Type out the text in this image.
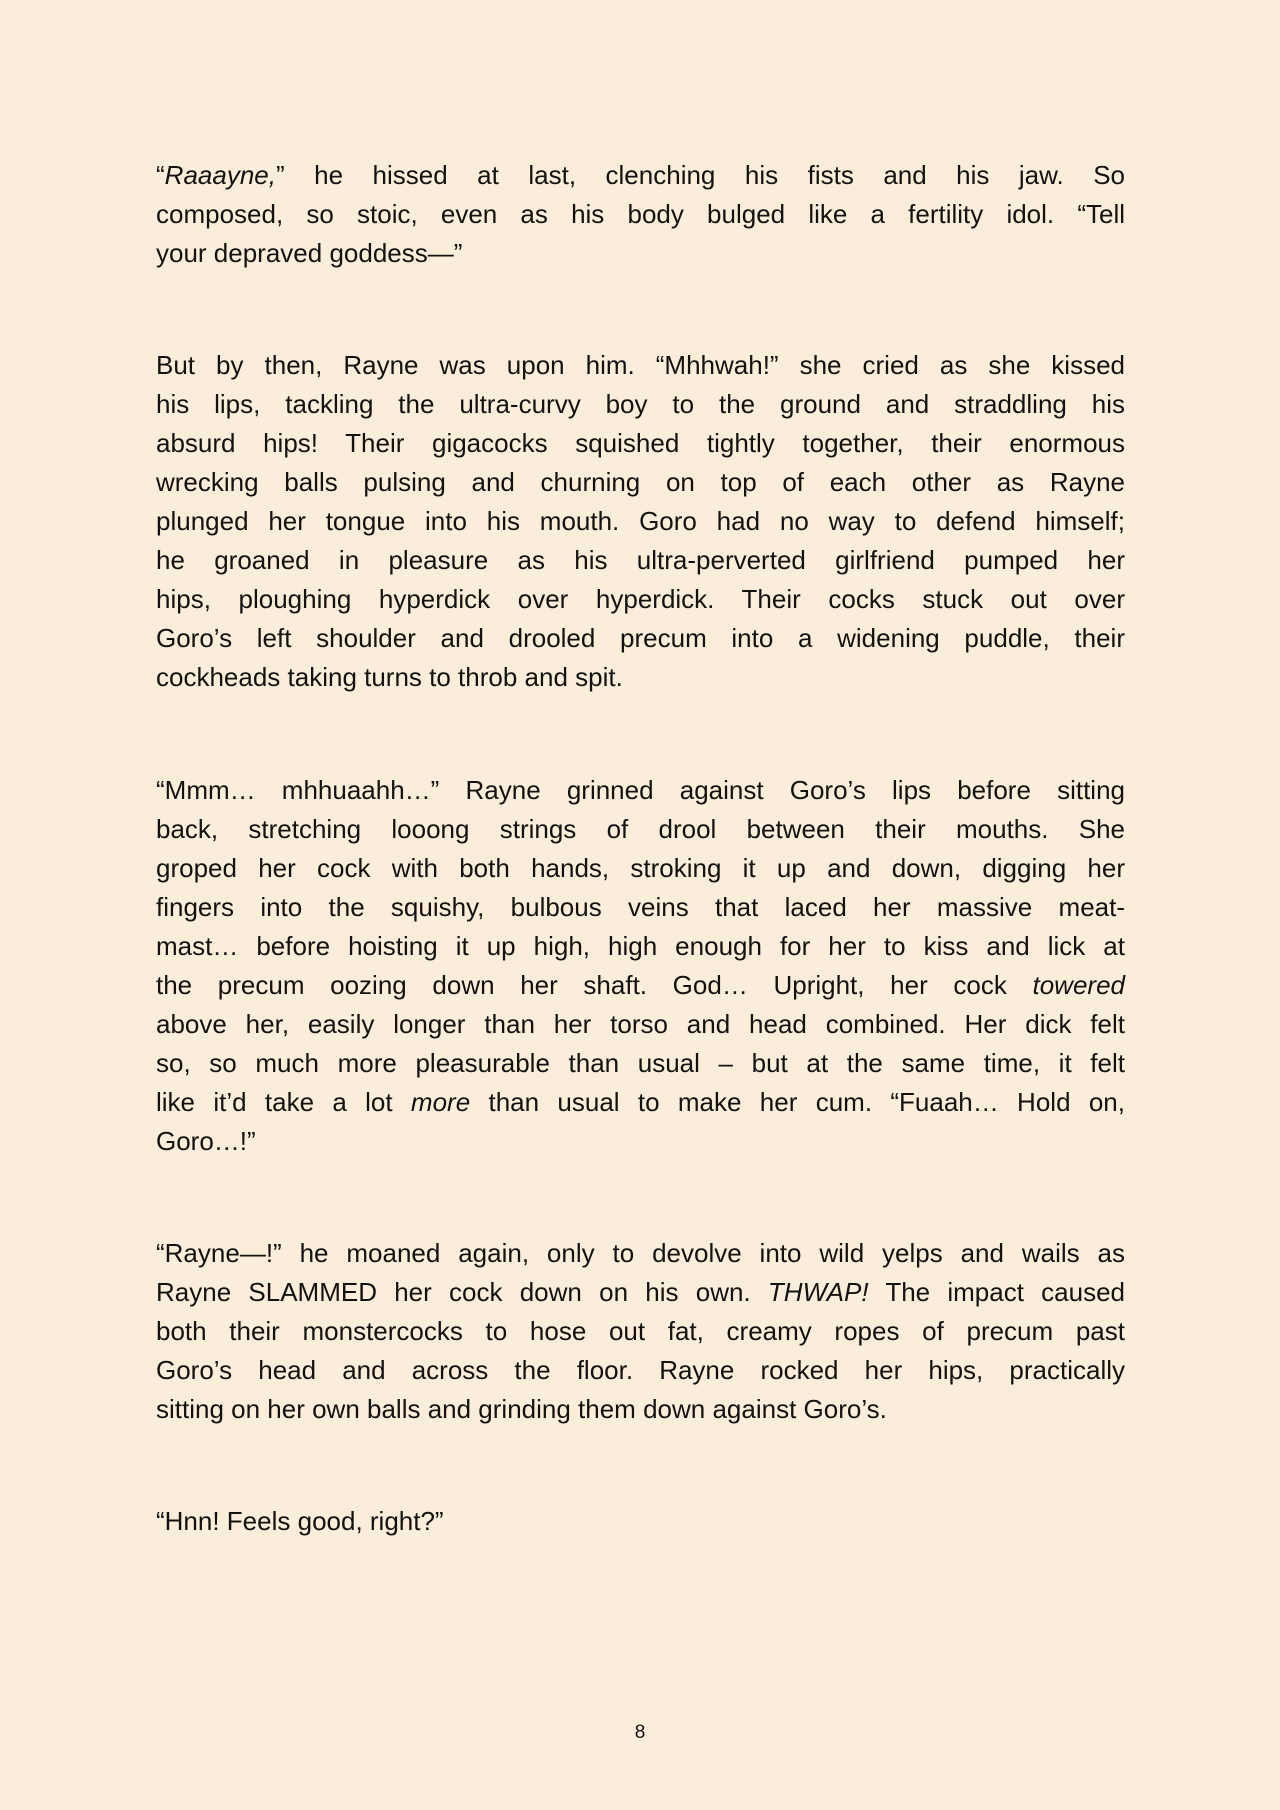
“Raaayne,” he hissed at last, clenching his fists and his jaw. So
composed, so stoic, even as his body bulged like a fertility idol. “Tell
your depraved goddess—”
But by then, Rayne was upon him. “Mhhwah!” she cried as she kissed
his lips, tackling the ultra-curvy boy to the ground and straddling his
absurd hips! Their gigacocks squished tightly together, their enormous
wrecking balls pulsing and churning on top of each other as Rayne
plunged her tongue into his mouth. Goro had no way to defend himself;
he groaned in pleasure as his ultra-perverted girlfriend pumped her
hips, ploughing hyperdick over hyperdick. Their cocks stuck out over
Goro’s left shoulder and drooled precum into a widening puddle, their
cockheads taking turns to throb and spit.
“Mmm… mhhuaahh…” Rayne grinned against Goro’s lips before sitting
back, stretching looong strings of drool between their mouths. She
groped her cock with both hands, stroking it up and down, digging her
fingers into the squishy, bulbous veins that laced her massive meat-
mast… before hoisting it up high, high enough for her to kiss and lick at
the precum oozing down her shaft. God… Upright, her cock towered
above her, easily longer than her torso and head combined. Her dick felt
so, so much more pleasurable than usual – but at the same time, it felt
like it’d take a lot more than usual to make her cum. “Fuaah… Hold on,
Goro…!”
“Rayne—!” he moaned again, only to devolve into wild yelps and wails as
Rayne SLAMMED her cock down on his own. THWAP! The impact caused
both their monstercocks to hose out fat, creamy ropes of precum past
Goro’s head and across the floor. Rayne rocked her hips, practically
sitting on her own balls and grinding them down against Goro’s.
“Hnn! Feels good, right?”
8
